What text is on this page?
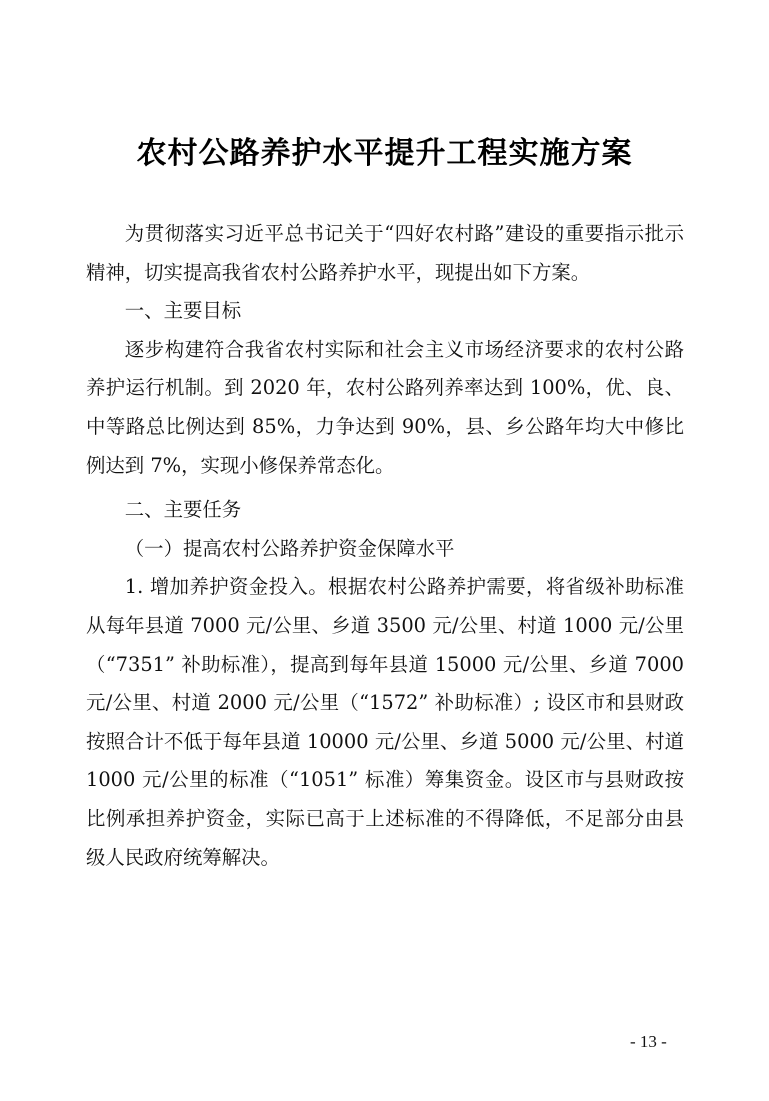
农村公路养护水平提升工程实施方案

为贯彻落实习近平总书记关于“四好农村路”建设的重要指示批示精神，切实提高我省农村公路养护水平，现提出如下方案。

一、主要目标

逐步构建符合我省农村实际和社会主义市场经济要求的农村公路养护运行机制。到 2020 年，农村公路列养率达到 100%，优、良、中等路总比例达到 85%，力争达到 90%，县、乡公路年均大中修比例达到 7%，实现小修保养常态化。

二、主要任务

（一）提高农村公路养护资金保障水平

1. 增加养护资金投入。根据农村公路养护需要，将省级补助标准从每年县道 7000 元/公里、乡道 3500 元/公里、村道 1000 元/公里（“7351” 补助标准），提高到每年县道 15000 元/公里、乡道 7000 元/公里、村道 2000 元/公里（“1572” 补助标准）; 设区市和县财政按照合计不低于每年县道 10000 元/公里、乡道 5000 元/公里、村道 1000 元/公里的标准（“1051” 标准）筹集资金。设区市与县财政按比例承担养护资金，实际已高于上述标准的不得降低，不足部分由县级人民政府统筹解决。

- 13 -
